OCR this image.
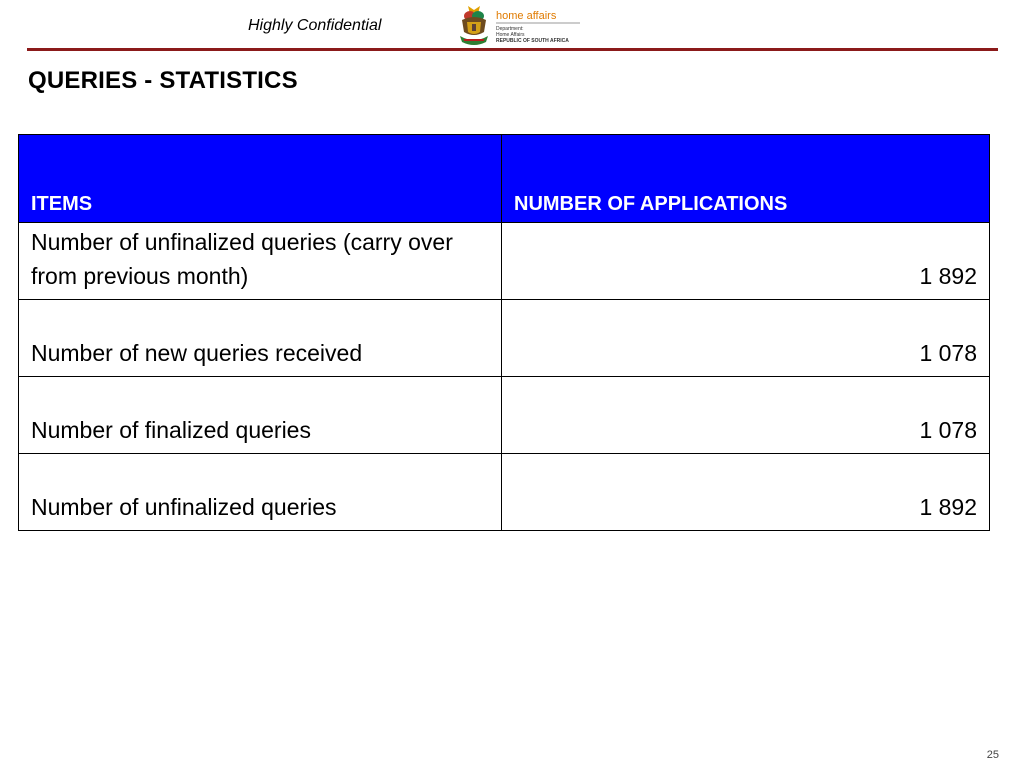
Highly Confidential
home affairs
Department:
Home Affairs
REPUBLIC OF SOUTH AFRICA
QUERIES - STATISTICS
ITEMS	NUMBER OF APPLICATIONS
Number of unfinalized queries (carry over from previous month)	1 892
Number of new queries received	1 078
Number of finalized queries	1 078
Number of unfinalized queries	1 892
25
